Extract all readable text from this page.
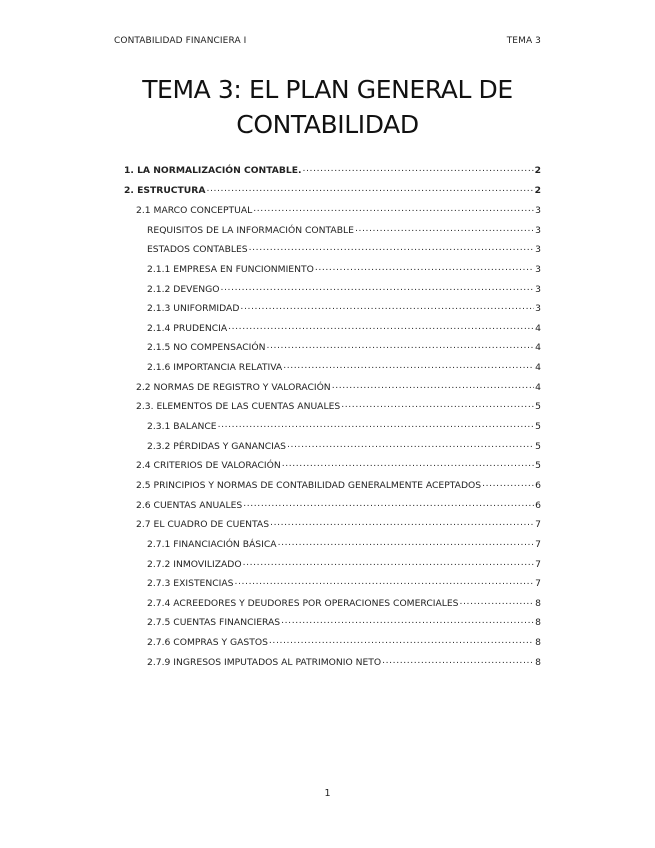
CONTABILIDAD FINANCIERA I	TEMA 3
TEMA 3: EL PLAN GENERAL DE
CONTABILIDAD
1. LA NORMALIZACIÓN CONTABLE. .....	2
2. ESTRUCTURA .....	2
2.1 MARCO CONCEPTUAL .....	3
REQUISITOS DE LA INFORMACIÓN CONTABLE .....	3
ESTADOS CONTABLES .....	3
2.1.1 EMPRESA EN FUNCIONMIENTO .....	3
2.1.2 DEVENGO .....	3
2.1.3 UNIFORMIDAD .....	3
2.1.4 PRUDENCIA .....	4
2.1.5 NO COMPENSACIÓN .....	4
2.1.6 IMPORTANCIA RELATIVA .....	4
2.2 NORMAS DE REGISTRO Y VALORACIÓN .....	4
2.3. ELEMENTOS DE LAS CUENTAS ANUALES .....	5
2.3.1 BALANCE .....	5
2.3.2 PÉRDIDAS Y GANANCIAS .....	5
2.4 CRITERIOS DE VALORACIÓN .....	5
2.5 PRINCIPIOS Y NORMAS DE CONTABILIDAD GENERALMENTE ACEPTADOS .....	6
2.6 CUENTAS ANUALES .....	6
2.7 EL CUADRO DE CUENTAS .....	7
2.7.1 FINANCIACIÓN BÁSICA .....	7
2.7.2 INMOVILIZADO .....	7
2.7.3 EXISTENCIAS .....	7
2.7.4 ACREEDORES Y DEUDORES POR OPERACIONES COMERCIALES .....	8
2.7.5 CUENTAS FINANCIERAS .....	8
2.7.6 COMPRAS Y GASTOS .....	8
2.7.9 INGRESOS IMPUTADOS AL PATRIMONIO NETO .....	8
1
